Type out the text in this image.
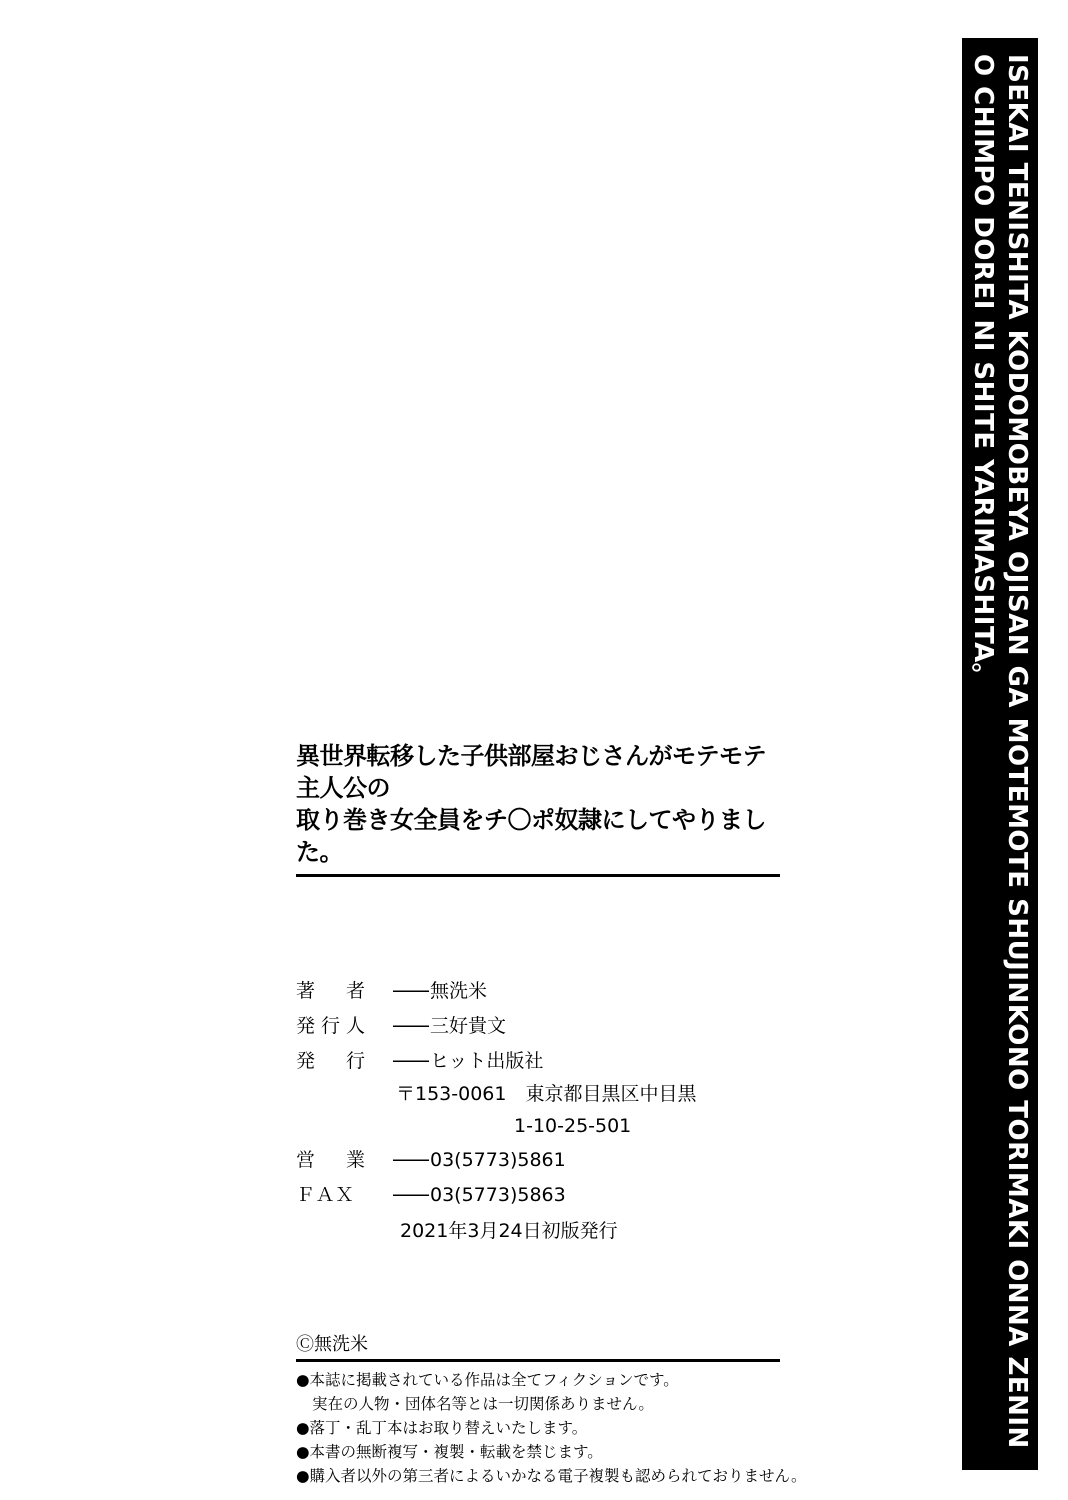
ISEKAI TENISHITA KODOMOBEYA OJISAN GA MOTEMOTE SHUJINKONO TORIMAKI ONNA ZENIN O CHIMPO DOREI NI SHITE YARIMASHITA。
異世界転移した子供部屋おじさんがモテモテ主人公の
取り巻き女全員をチ〇ポ奴隷にしてやりました。
著　者	—— 無洗米
発行人	—— 三好貴文
発　行	—— ヒット出版社
〒153-0061　東京都目黒区中目黒
1-10-25-501
営　業	—— 03(5773)5861
ＦＡＸ	—— 03(5773)5863
2021年3月24日初版発行
Ⓒ無洗米
●本誌に掲載されている作品は全てフィクションです。
実在の人物・団体名等とは一切関係ありません。
●落丁・乱丁本はお取り替えいたします。
●本書の無断複写・複製・転載を禁じます。
●購入者以外の第三者によるいかなる電子複製も認められておりません。
